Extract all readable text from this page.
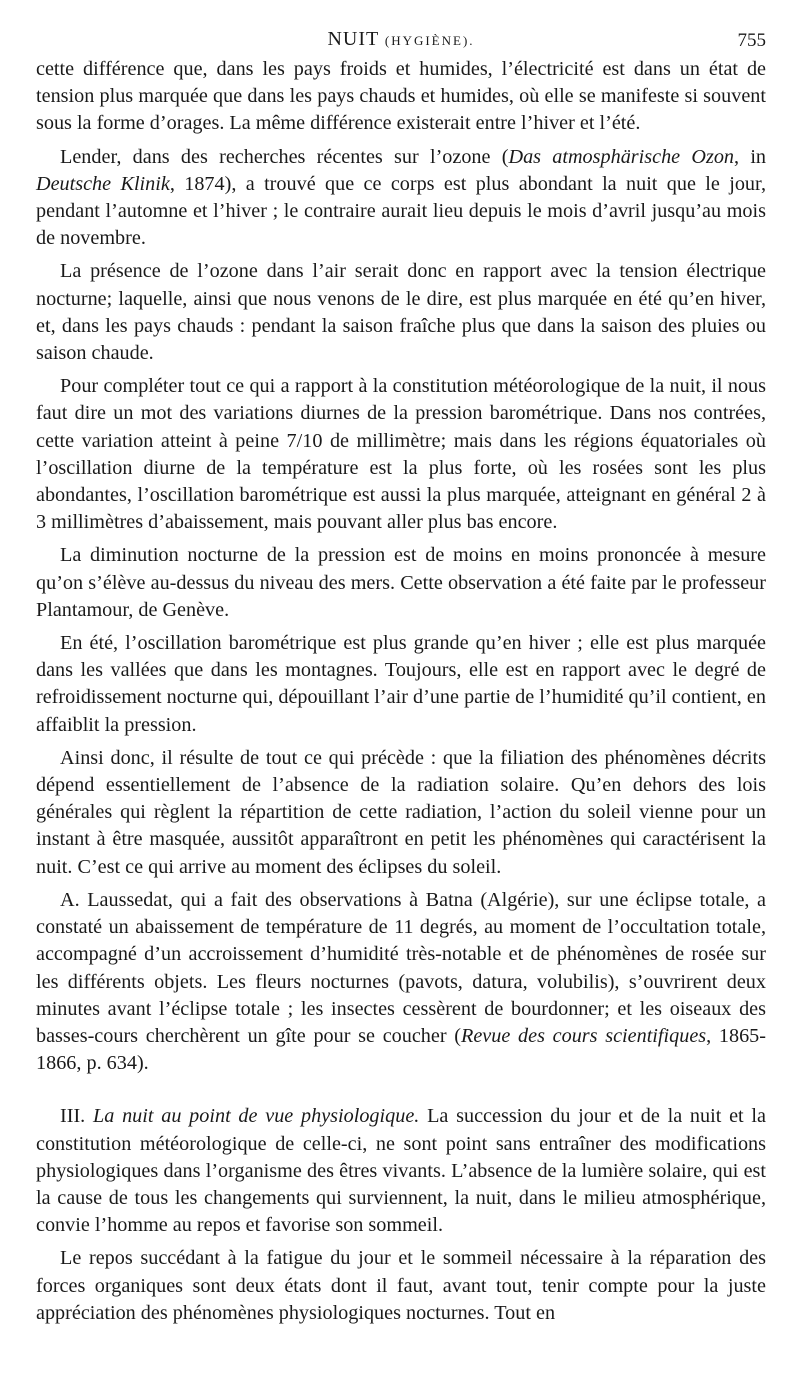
NUIT (HYGIÈNE).	755

cette différence que, dans les pays froids et humides, l’électricité est dans un état de tension plus marquée que dans les pays chauds et humides, où elle se manifeste si souvent sous la forme d’orages. La même différence existerait entre l’hiver et l’été.

Lender, dans des recherches récentes sur l’ozone (Das atmosphärische Ozon, in Deutsche Klinik, 1874), a trouvé que ce corps est plus abondant la nuit que le jour, pendant l’automne et l’hiver ; le contraire aurait lieu depuis le mois d’avril jusqu’au mois de novembre.

La présence de l’ozone dans l’air serait donc en rapport avec la tension électrique nocturne; laquelle, ainsi que nous venons de le dire, est plus marquée en été qu’en hiver, et, dans les pays chauds : pendant la saison fraîche plus que dans la saison des pluies ou saison chaude.

Pour compléter tout ce qui a rapport à la constitution météorologique de la nuit, il nous faut dire un mot des variations diurnes de la pression barométrique. Dans nos contrées, cette variation atteint à peine 7/10 de millimètre; mais dans les régions équatoriales où l’oscillation diurne de la température est la plus forte, où les rosées sont les plus abondantes, l’oscillation barométrique est aussi la plus marquée, atteignant en général 2 à 3 millimètres d’abaissement, mais pouvant aller plus bas encore.

La diminution nocturne de la pression est de moins en moins prononcée à mesure qu’on s’élève au-dessus du niveau des mers. Cette observation a été faite par le professeur Plantamour, de Genève.

En été, l’oscillation barométrique est plus grande qu’en hiver ; elle est plus marquée dans les vallées que dans les montagnes. Toujours, elle est en rapport avec le degré de refroidissement nocturne qui, dépouillant l’air d’une partie de l’humidité qu’il contient, en affaiblit la pression.

Ainsi donc, il résulte de tout ce qui précède : que la filiation des phénomènes décrits dépend essentiellement de l’absence de la radiation solaire. Qu’en dehors des lois générales qui règlent la répartition de cette radiation, l’action du soleil vienne pour un instant à être masquée, aussitôt apparaîtront en petit les phénomènes qui caractérisent la nuit. C’est ce qui arrive au moment des éclipses du soleil.

A. Laussedat, qui a fait des observations à Batna (Algérie), sur une éclipse totale, a constaté un abaissement de température de 11 degrés, au moment de l’occultation totale, accompagné d’un accroissement d’humidité très-notable et de phénomènes de rosée sur les différents objets. Les fleurs nocturnes (pavots, datura, volubilis), s’ouvrirent deux minutes avant l’éclipse totale ; les insectes cessèrent de bourdonner; et les oiseaux des basses-cours cherchèrent un gîte pour se coucher (Revue des cours scientifiques, 1865-1866, p. 634).

III. La nuit au point de vue physiologique. La succession du jour et de la nuit et la constitution météorologique de celle-ci, ne sont point sans entraîner des modifications physiologiques dans l’organisme des êtres vivants. L’absence de la lumière solaire, qui est la cause de tous les changements qui surviennent, la nuit, dans le milieu atmosphérique, convie l’homme au repos et favorise son sommeil.

Le repos succédant à la fatigue du jour et le sommeil nécessaire à la réparation des forces organiques sont deux états dont il faut, avant tout, tenir compte pour la juste appréciation des phénomènes physiologiques nocturnes. Tout en
